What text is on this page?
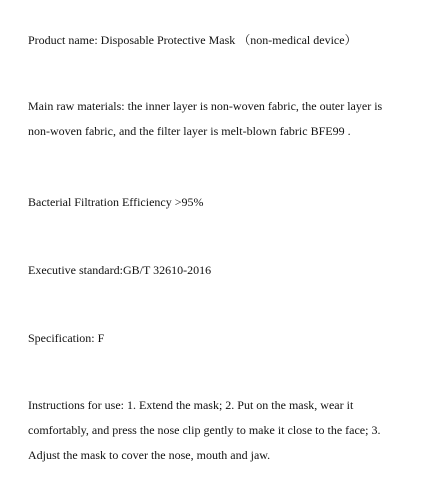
Product name: Disposable Protective Mask （non-medical device）

Main raw materials: the inner layer is non-woven fabric, the outer layer is
non-woven fabric, and the filter layer is melt-blown fabric BFE99 .

Bacterial Filtration Efficiency >95%

Executive standard:GB/T 32610-2016

Specification: F

Instructions for use: 1. Extend the mask; 2. Put on the mask, wear it
comfortably, and press the nose clip gently to make it close to the face; 3.
Adjust the mask to cover the nose, mouth and jaw.
